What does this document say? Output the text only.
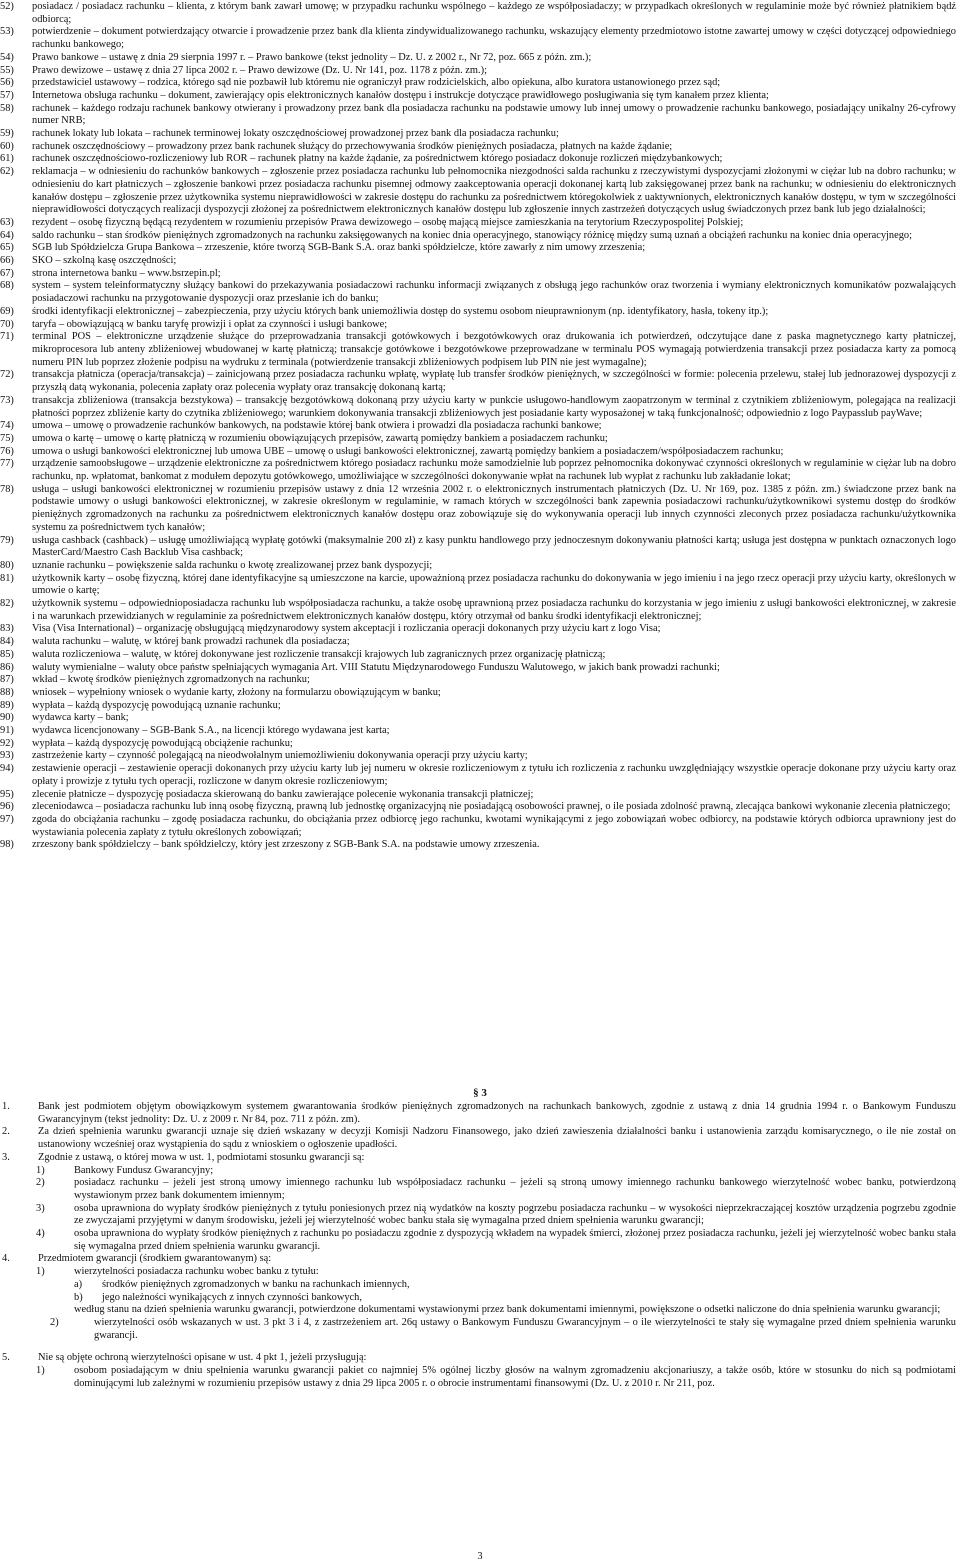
52)	posiadacz / posiadacz rachunku – klienta, z którym bank zawarł umowę; w przypadku rachunku wspólnego – każdego ze współposiadaczy; w przypadkach określonych w regulaminie może być również płatnikiem bądź odbiorcą;
53)	potwierdzenie – dokument potwierdzający otwarcie i prowadzenie przez bank dla klienta zindywidualizowanego rachunku, wskazujący elementy przedmiotowo istotne zawartej umowy w części dotyczącej odpowiedniego rachunku bankowego;
54)	Prawo bankowe – ustawę z dnia 29 sierpnia 1997 r. – Prawo bankowe (tekst jednolity – Dz. U. z 2002 r., Nr 72, poz. 665 z późn. zm.);
55)	Prawo dewizowe – ustawę z dnia 27 lipca 2002 r. – Prawo dewizowe (Dz. U. Nr 141, poz. 1178 z późn. zm.);
56)	przedstawiciel ustawowy – rodzica, którego sąd nie pozbawił lub któremu nie ograniczył praw rodzicielskich, albo opiekuna, albo kuratora ustanowionego przez sąd;
57)	Internetowa obsługa rachunku – dokument, zawierający opis elektronicznych kanałów dostępu i instrukcje dotyczące prawidłowego posługiwania się tym kanałem przez klienta;
58)	rachunek – każdego rodzaju rachunek bankowy otwierany i prowadzony przez bank dla posiadacza rachunku na podstawie umowy lub innej umowy o prowadzenie rachunku bankowego, posiadający unikalny 26-cyfrowy numer NRB;
59)	rachunek lokaty lub lokata – rachunek terminowej lokaty oszczędnościowej prowadzonej przez bank dla posiadacza rachunku;
60)	rachunek oszczędnościowy – prowadzony przez bank rachunek służący do przechowywania środków pieniężnych posiadacza, płatnych na każde żądanie;
61)	rachunek oszczędnościowo-rozliczeniowy lub ROR – rachunek płatny na każde żądanie, za pośrednictwem którego posiadacz dokonuje rozliczeń międzybankowych;
62)	reklamacja – w odniesieniu do rachunków bankowych – zgłoszenie przez posiadacza rachunku lub pełnomocnika niezgodności salda rachunku z rzeczywistymi dyspozycjami złożonymi w ciężar lub na dobro rachunku; w odniesieniu do kart płatniczych – zgłoszenie bankowi przez posiadacza rachunku pisemnej odmowy zaakceptowania operacji dokonanej kartą lub zaksięgowanej przez bank na rachunku; w odniesieniu do elektronicznych kanałów dostępu – zgłoszenie przez użytkownika systemu nieprawidłowości w zakresie dostępu do rachunku za pośrednictwem któregokolwiek z uaktywnionych, elektronicznych kanałów dostępu, w tym w szczególności nieprawidłowości dotyczących realizacji dyspozycji złożonej za pośrednictwem elektronicznych kanałów dostępu lub zgłoszenie innych zastrzeżeń dotyczących usług świadczonych przez bank lub jego działalności;
63)	rezydent – osobę fizyczną będącą rezydentem w rozumieniu przepisów Prawa dewizowego – osobę mającą miejsce zamieszkania na terytorium Rzeczypospolitej Polskiej;
64)	saldo rachunku – stan środków pieniężnych zgromadzonych na rachunku zaksięgowanych na koniec dnia operacyjnego, stanowiący różnicę między sumą uznań a obciążeń rachunku na koniec dnia operacyjnego;
65)	SGB lub Spółdzielcza Grupa Bankowa – zrzeszenie, które tworzą SGB-Bank S.A. oraz banki spółdzielcze, które zawarły z nim umowy zrzeszenia;
66)	SKO – szkolną kasę oszczędności;
67)	strona internetowa banku – www.bsrzepin.pl;
68)	system – system teleinformatyczny służący bankowi do przekazywania posiadaczowi rachunku informacji związanych z obsługą jego rachunków oraz tworzenia i wymiany elektronicznych komunikatów pozwalających posiadaczowi rachunku na przygotowanie dyspozycji oraz przesłanie ich do banku;
69)	środki identyfikacji elektronicznej – zabezpieczenia, przy użyciu których bank uniemożliwia dostęp do systemu osobom nieuprawnionym (np. identyfikatory, hasła, tokeny itp.);
70)	taryfa – obowiązującą w banku taryfę prowizji i opłat za czynności i usługi bankowe;
71)	terminal POS – elektroniczne urządzenie służące do przeprowadzania transakcji gotówkowych i bezgotówkowych oraz drukowania ich potwierdzeń, odczytujące dane z paska magnetycznego karty płatniczej, mikroprocesora lub anteny zbliżeniowej wbudowanej w kartę płatniczą; transakcje gotówkowe i bezgotówkowe przeprowadzane w terminalu POS wymagają potwierdzenia transakcji przez posiadacza karty za pomocą numeru PIN lub poprzez złożenie podpisu na wydruku z terminala (potwierdzenie transakcji zbliżeniowych podpisem lub PIN nie jest wymagalne);
72)	transakcja płatnicza (operacja/transakcja) – zainicjowaną przez posiadacza rachunku wpłatę, wypłatę lub transfer środków pieniężnych, w szczególności w formie: polecenia przelewu, stałej lub jednorazowej dyspozycji z przyszłą datą wykonania, polecenia zapłaty oraz polecenia wypłaty oraz transakcję dokonaną kartą;
73)	transakcja zbliżeniowa (transakcja bezstykowa) – transakcję bezgotówkową dokonaną przy użyciu karty w punkcie usługowo-handlowym zaopatrzonym w terminal z czytnikiem zbliżeniowym, polegająca na realizacji płatności poprzez zbliżenie karty do czytnika zbliżeniowego; warunkiem dokonywania transakcji zbliżeniowych jest posiadanie karty wyposażonej w taką funkcjonalność; odpowiednio z logo Paypasslub payWave;
74)	umowa – umowę o prowadzenie rachunków bankowych, na podstawie której bank otwiera i prowadzi dla posiadacza rachunki bankowe;
75)	umowa o kartę – umowę o kartę płatniczą w rozumieniu obowiązujących przepisów, zawartą pomiędzy bankiem a posiadaczem rachunku;
76)	umowa o usługi bankowości elektronicznej lub umowa UBE – umowę o usługi bankowości elektronicznej, zawartą pomiędzy bankiem a posiadaczem/współposiadaczem rachunku;
77)	urządzenie samoobsługowe – urządzenie elektroniczne za pośrednictwem którego posiadacz rachunku może samodzielnie lub poprzez pełnomocnika dokonywać czynności określonych w regulaminie w ciężar lub na dobro rachunku, np. wpłatomat, bankomat z modułem depozytu gotówkowego, umożliwiające w szczególności dokonywanie wpłat na rachunek lub wypłat z rachunku lub zakładanie lokat;
78)	usługa – usługi bankowości elektronicznej w rozumieniu przepisów ustawy z dnia 12 września 2002 r. o elektronicznych instrumentach płatniczych (Dz. U. Nr 169, poz. 1385 z późn. zm.) świadczone przez bank na podstawie umowy o usługi bankowości elektronicznej, w zakresie określonym w regulaminie, w ramach których w szczególności bank zapewnia posiadaczowi rachunku/użytkownikowi systemu dostęp do środków pieniężnych zgromadzonych na rachunku za pośrednictwem elektronicznych kanałów dostępu oraz zobowiązuje się do wykonywania operacji lub innych czynności zleconych przez posiadacza rachunku/użytkownika systemu za pośrednictwem tych kanałów;
79)	usługa cashback (cashback) – usługę umożliwiającą wypłatę gotówki (maksymalnie 200 zł) z kasy punktu handlowego przy jednoczesnym dokonywaniu płatności kartą; usługa jest dostępna w punktach oznaczonych logo MasterCard/Maestro Cash Backlub Visa cashback;
80)	uznanie rachunku – powiększenie salda rachunku o kwotę zrealizowanej przez bank dyspozycji;
81)	użytkownik karty – osobę fizyczną, której dane identyfikacyjne są umieszczone na karcie, upoważnioną przez posiadacza rachunku do dokonywania w jego imieniu i na jego rzecz operacji przy użyciu karty, określonych w umowie o kartę;
82)	użytkownik systemu – odpowiednioposiadacza rachunku lub współposiadacza rachunku, a także osobę uprawnioną przez posiadacza rachunku do korzystania w jego imieniu z usługi bankowości elektronicznej, w zakresie i na warunkach przewidzianych w regulaminie za pośrednictwem elektronicznych kanałów dostępu, który otrzymał od banku środki identyfikacji elektronicznej;
83)	Visa (Visa International) – organizację obsługującą międzynarodowy system akceptacji i rozliczania operacji dokonanych przy użyciu kart z logo Visa;
84)	waluta rachunku – walutę, w której bank prowadzi rachunek dla posiadacza;
85)	waluta rozliczeniowa – walutę, w której dokonywane jest rozliczenie transakcji krajowych lub zagranicznych przez organizację płatniczą;
86)	waluty wymienialne – waluty obce państw spełniających wymagania Art. VIII Statutu Międzynarodowego Funduszu Walutowego, w jakich bank prowadzi rachunki;
87)	wkład – kwotę środków pieniężnych zgromadzonych na rachunku;
88)	wniosek – wypełniony wniosek o wydanie karty, złożony na formularzu obowiązującym w banku;
89)	wypłata – każdą dyspozycję powodującą uznanie rachunku;
90)	wydawca karty – bank;
91)	wydawca licencjonowany – SGB-Bank S.A., na licencji którego wydawana jest karta;
92)	wypłata – każdą dyspozycję powodującą obciążenie rachunku;
93)	zastrzeżenie karty – czynność polegającą na nieodwołalnym uniemożliwieniu dokonywania operacji przy użyciu karty;
94)	zestawienie operacji – zestawienie operacji dokonanych przy użyciu karty lub jej numeru w okresie rozliczeniowym z tytułu ich rozliczenia z rachunku uwzględniający wszystkie operacje dokonane przy użyciu karty oraz opłaty i prowizje z tytułu tych operacji, rozliczone w danym okresie rozliczeniowym;
95)	zlecenie płatnicze – dyspozycję posiadacza skierowaną do banku zawierające polecenie wykonania transakcji płatniczej;
96)	zleceniodawca – posiadacza rachunku lub inną osobę fizyczną, prawną lub jednostkę organizacyjną nie posiadającą osobowości prawnej, o ile posiada zdolność prawną, zlecająca bankowi wykonanie zlecenia płatniczego;
97)	zgoda do obciążania rachunku – zgodę posiadacza rachunku, do obciążania przez odbiorcę jego rachunku, kwotami wynikającymi z jego zobowiązań wobec odbiorcy, na podstawie których odbiorca uprawniony jest do wystawiania polecenia zapłaty z tytułu określonych zobowiązań;
98)	zrzeszony bank spółdzielczy – bank spółdzielczy, który jest zrzeszony z SGB-Bank S.A. na podstawie umowy zrzeszenia.
§ 3
1.	Bank jest podmiotem objętym obowiązkowym systemem gwarantowania środków pieniężnych zgromadzonych na rachunkach bankowych, zgodnie z ustawą z dnia 14 grudnia 1994 r. o Bankowym Funduszu Gwarancyjnym (tekst jednolity: Dz. U. z 2009 r. Nr 84, poz. 711 z późn. zm).
2.	Za dzień spełnienia warunku gwarancji uznaje się dzień wskazany w decyzji Komisji Nadzoru Finansowego, jako dzień zawieszenia działalności banku i ustanowienia zarządu komisarycznego, o ile nie został on ustanowiony wcześniej oraz wystąpienia do sądu z wnioskiem o ogłoszenie upadłości.
3.	Zgodnie z ustawą, o której mowa w ust. 1, podmiotami stosunku gwarancji są:
1)	Bankowy Fundusz Gwarancyjny;
2)	posiadacz rachunku – jeżeli jest stroną umowy imiennego rachunku lub współposiadacz rachunku – jeżeli są stroną umowy imiennego rachunku bankowego wierzytelność wobec banku, potwierdzoną wystawionym przez bank dokumentem imiennym;
3)	osoba uprawniona do wypłaty środków pieniężnych z tytułu poniesionych przez nią wydatków na koszty pogrzebu posiadacza rachunku – w wysokości nieprzekraczającej kosztów urządzenia pogrzebu zgodnie ze zwyczajami przyjętymi w danym środowisku, jeżeli jej wierzytelność wobec banku stała się wymagalna przed dniem spełnienia warunku gwarancji;
4)	osoba uprawniona do wypłaty środków pieniężnych z rachunku po posiadaczu zgodnie z dyspozycją wkładem na wypadek śmierci, złożonej przez posiadacza rachunku, jeżeli jej wierzytelność wobec banku stała się wymagalna przed dniem spełnienia warunku gwarancji.
4.	Przedmiotem gwarancji (środkiem gwarantowanym) są:
1)	wierzytelności posiadacza rachunku wobec banku z tytułu:
a)	środków pieniężnych zgromadzonych w banku na rachunkach imiennych,
b)	jego należności wynikających z innych czynności bankowych,
według stanu na dzień spełnienia warunku gwarancji, potwierdzone dokumentami wystawionymi przez bank dokumentami imiennymi, powiększone o odsetki naliczone do dnia spełnienia warunku gwarancji;
2)	wierzytelności osób wskazanych w ust. 3 pkt 3 i 4, z zastrzeżeniem art. 26q ustawy o Bankowym Funduszu Gwarancyjnym – o ile wierzytelności te stały się wymagalne przed dniem spełnienia warunku gwarancji.
5.	Nie są objęte ochroną wierzytelności opisane w ust. 4 pkt 1, jeżeli przysługują:
1)	osobom posiadającym w dniu spełnienia warunku gwarancji pakiet co najmniej 5% ogólnej liczby głosów na walnym zgromadzeniu akcjonariuszy, a także osób, które w stosunku do nich są podmiotami dominującymi lub zależnymi w rozumieniu przepisów ustawy z dnia 29 lipca 2005 r. o obrocie instrumentami finansowymi (Dz. U. z 2010 r. Nr 211, poz.
3
